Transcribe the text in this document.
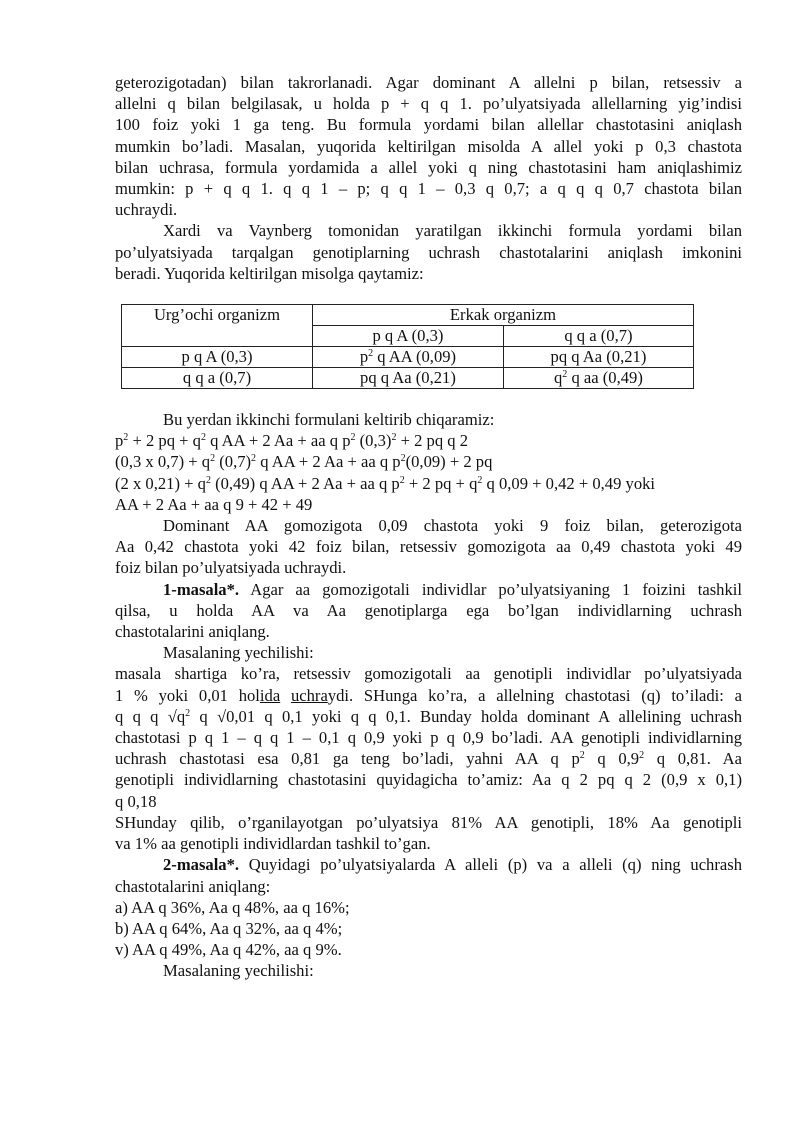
geterozigotadan) bilan takrorlanadi. Agar dominant A allelni p bilan, retsessiv a
allelni q bilan belgilasak, u holda p + q q 1. po’ulyatsiyada allellarning yig’indisi
100 foiz yoki 1 ga teng. Bu formula yordami bilan allellar chastotasini aniqlash
mumkin bo’ladi. Masalan, yuqorida keltirilgan misolda A allel yoki p 0,3 chastota
bilan uchrasa, formula yordamida a allel yoki q ning chastotasini ham aniqlashimiz
mumkin: p + q q 1. q q 1 – p; q q 1 – 0,3 q 0,7; a q q q 0,7 chastota bilan
uchraydi.
Xardi va Vaynberg tomonidan yaratilgan ikkinchi formula yordami bilan
po’ulyatsiyada tarqalgan genotiplarning uchrash chastotalarini aniqlash imkonini
beradi. Yuqorida keltirilgan misolga qaytamiz:
Urg’ochi organizm	Erkak organizm	
	p q A (0,3)	q q a (0,7)
p q A (0,3)	$p^2$ q AA (0,09)	pq q Aa (0,21)
q q a (0,7)	pq q Aa (0,21)	$q^2$ q aa (0,49)
Bu yerdan ikkinchi formulani keltirib chiqaramiz:
$p^2 + 2$ pq + $q^2$ q AA + 2 Aa + aa q $p^2$ $(0,3)^2 + 2$ pq q 2
(0,3 x $0,7) + q^2$ $(0,7)^2$ q AA + 2 Aa + aa q $p^2(0,09) + 2$ pq
(2 x $0,21) + q^2$ (0,49) q AA + 2 Aa + aa q $p^2 + 2$ pq + $q^2$ q 0,09 + 0,42 + 0,49 yoki
AA + 2 Aa + aa q 9 + 42 + 49
Dominant AA gomozigota 0,09 chastota yoki 9 foiz bilan, geterozigota
Aa 0,42 chastota yoki 42 foiz bilan, retsessiv gomozigota aa 0,49 chastota yoki 49
foiz bilan po’ulyatsiyada uchraydi.
1-masala*. Agar aa gomozigotali individlar po’ulyatsiyaning 1 foizini tashkil
qilsa, u holda AA va Aa genotiplarga ega bo’lgan individlarning uchrash
chastotalarini aniqlang.
Masalaning yechilishi:
masala shartiga ko’ra, retsessiv gomozigotali aa genotipli individlar po’ulyatsiyada
1 % yoki 0,01 holida uchraydi. SHunga ko’ra, a allelning chastotasi (q) to’iladi: a
q q q $√q^2$ q √0,01 q 0,1 yoki q q 0,1. Bunday holda dominant A allelining uchrash
chastotasi p q 1 – q q 1 – 0,1 q 0,9 yoki p q 0,9 bo’ladi. AA genotipli individlarning
uchrash chastotasi esa 0,81 ga teng bo’ladi, yahni AA q $p^2$ q $0,9^2$ q 0,81. Aa
genotipli individlarning chastotasini quyidagicha to’amiz: Aa q 2 pq q 2 (0,9 x 0,1)
q 0,18
SHunday qilib, o’rganilayotgan po’ulyatsiya 81% AA genotipli, 18% Aa genotipli
va 1% aa genotipli individlardan tashkil to’gan.
2-masala*. Quyidagi po’ulyatsiyalarda A alleli (p) va a alleli (q) ning uchrash
chastotalarini aniqlang:
a) AA q 36%, Aa q 48%, aa q 16%;
b) AA q 64%, Aa q 32%, aa q 4%;
v) AA q 49%, Aa q 42%, aa q 9%.
Masalaning yechilishi:
